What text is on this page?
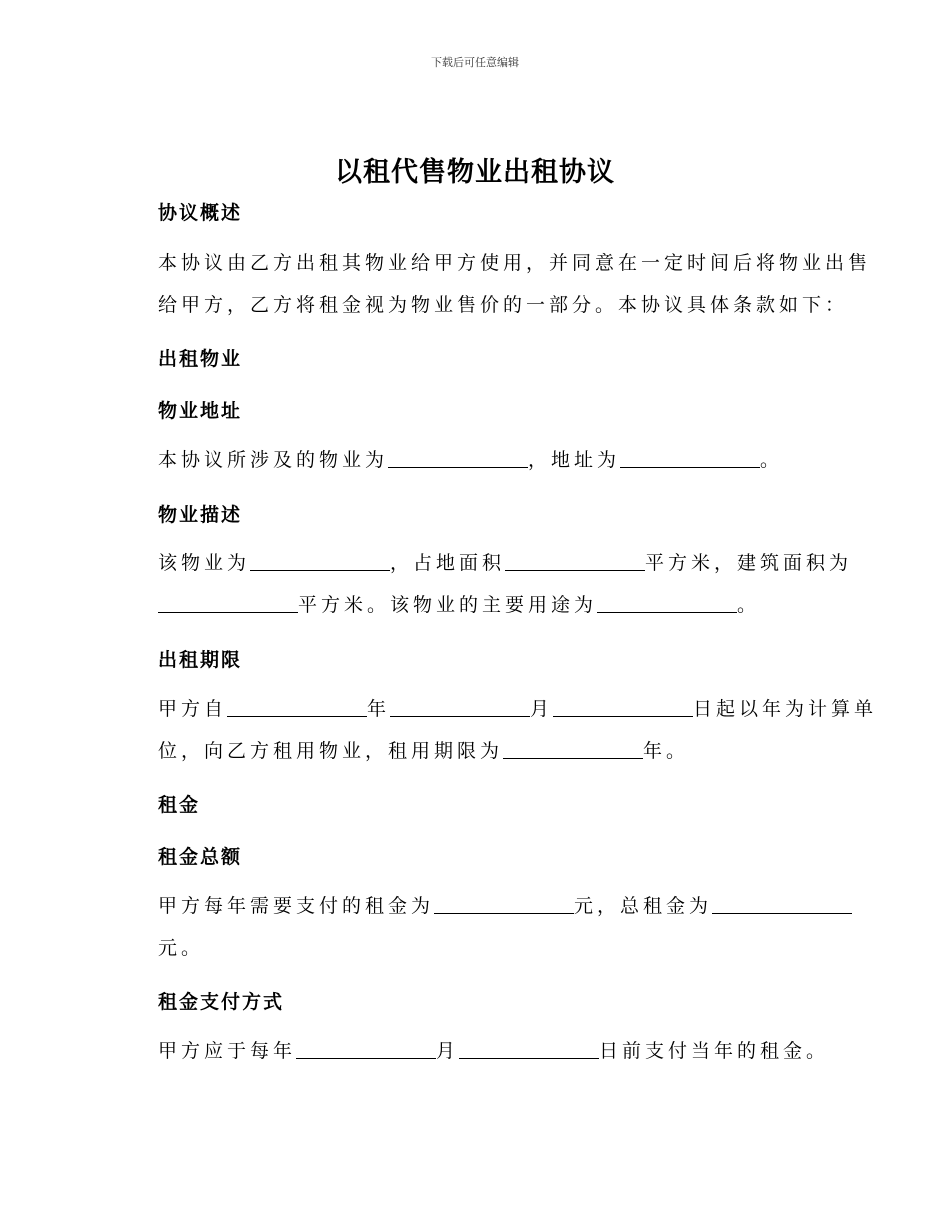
下载后可任意编辑
以租代售物业出租协议
协议概述
本协议由乙方出租其物业给甲方使用，并同意在一定时间后将物业出售给甲方，乙方将租金视为物业售价的一部分。本协议具体条款如下：
出租物业
物业地址
本协议所涉及的物业为	，地址为	。
物业描述
该物业为	，占地面积	平方米，建筑面积为平方米。该物业的主要用途为	。
出租期限
甲方自	年	月	日起以年为计算单位，向乙方租用物业，租用期限为	年。
租金
租金总额
甲方每年需要支付的租金为	元，总租金为元。
租金支付方式
甲方应于每年	月	日前支付当年的租金。
